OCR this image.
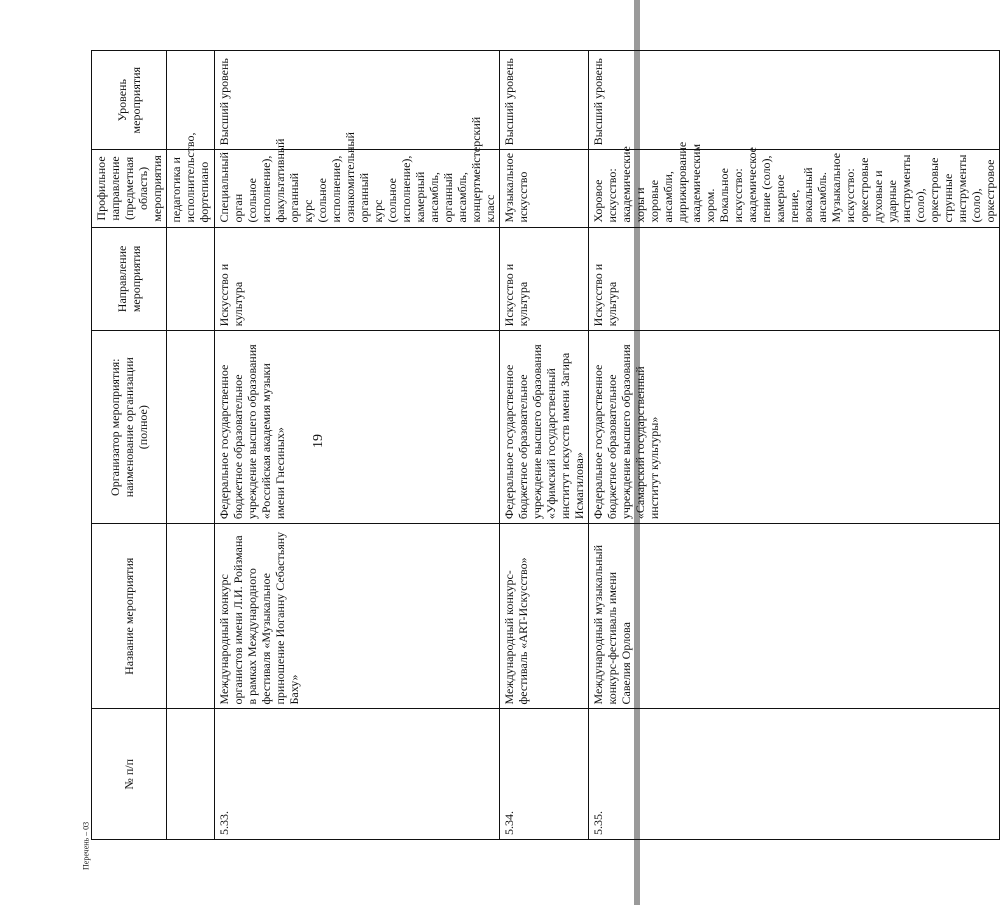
19
№ п/п	Название мероприятия	Организатор мероприятия: наименование организации (полное)	Направление мероприятия	Профильное направление (предметная область) мероприятия	Уровень мероприятия
				педагогика и исполнительство, фортепиано	
5.33.	Международный конкурс органистов имени Л.И. Ройзмана в рамках Международного фестиваля «Музыкальное приношение Иоганну Себастьяну Баху»	Федеральное государственное бюджетное образовательное учреждение высшего образования «Российская академия музыки имени Гнесиных»	Искусство и культура	Специальный орган (сольное исполнение), факультативный органный курс (сольное исполнение), ознакомительный органный курс (сольное исполнение), камерный ансамбль, органный ансамбль, концертмейстерский класс	Высший уровень
5.34.	Международный конкурс-фестиваль «ART-Искусство»	Федеральное государственное бюджетное образовательное учреждение высшего образования «Уфимский государственный институт искусств имени Загира Исмагилова»	Искусство и культура	Музыкальное искусство	Высший уровень
5.35.	Международный музыкальный конкурс-фестиваль имени Савелия Орлова	Федеральное государственное бюджетное образовательное учреждение высшего образования «Самарский государственный институт культуры»	Искусство и культура	Хоровое искусство: академические хоры и хоровые ансамбли, дирижирование академическим хором. Вокальное искусство: академическое пение (соло), камерное пение, вокальный ансамбль. Музыкальное искусство: оркестровые духовые и ударные инструменты (соло), оркестровые струнные инструменты (соло), оркестровое	Высший уровень
Перечень – 03
